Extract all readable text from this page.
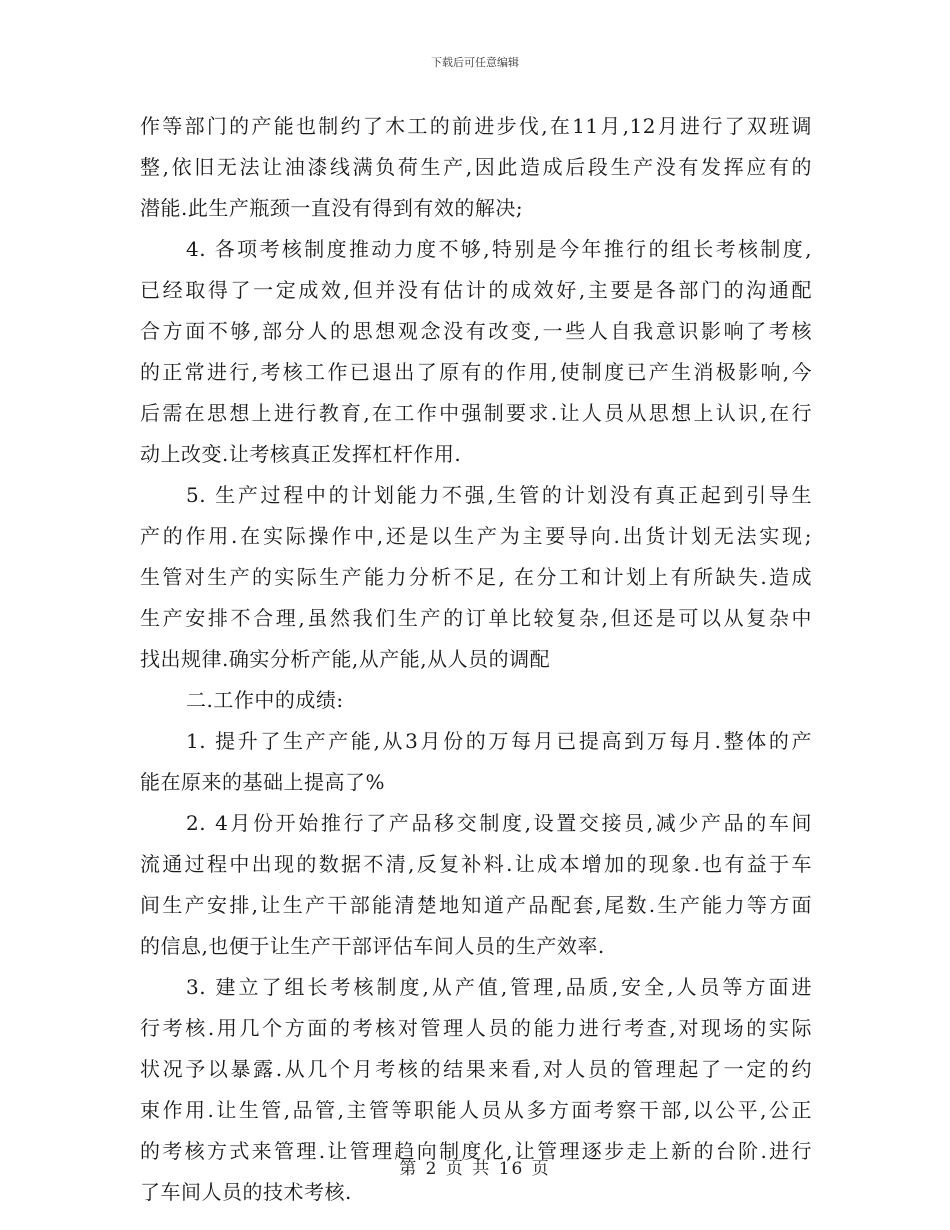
下载后可任意编辑
作等部门的产能也制约了木工的前进步伐,在11月,12月进行了双班调
整,依旧无法让油漆线满负荷生产,因此造成后段生产没有发挥应有的
潜能.此生产瓶颈一直没有得到有效的解决;
4. 各项考核制度推动力度不够,特别是今年推行的组长考核制度,
已经取得了一定成效,但并没有估计的成效好,主要是各部门的沟通配
合方面不够,部分人的思想观念没有改变,一些人自我意识影响了考核
的正常进行,考核工作已退出了原有的作用,使制度已产生消极影响,今
后需在思想上进行教育,在工作中强制要求.让人员从思想上认识,在行
动上改变.让考核真正发挥杠杆作用.
5. 生产过程中的计划能力不强,生管的计划没有真正起到引导生
产的作用.在实际操作中,还是以生产为主要导向.出货计划无法实现;
生管对生产的实际生产能力分析不足, 在分工和计划上有所缺失.造成
生产安排不合理,虽然我们生产的订单比较复杂,但还是可以从复杂中
找出规律.确实分析产能,从产能,从人员的调配
二.工作中的成绩:
1. 提升了生产产能,从3月份的万每月已提高到万每月.整体的产
能在原来的基础上提高了%
2. 4月份开始推行了产品移交制度,设置交接员,减少产品的车间
流通过程中出现的数据不清,反复补料.让成本增加的现象.也有益于车
间生产安排,让生产干部能清楚地知道产品配套,尾数.生产能力等方面
的信息,也便于让生产干部评估车间人员的生产效率.
3. 建立了组长考核制度,从产值,管理,品质,安全,人员等方面进
行考核.用几个方面的考核对管理人员的能力进行考查,对现场的实际
状况予以暴露.从几个月考核的结果来看,对人员的管理起了一定的约
束作用.让生管,品管,主管等职能人员从多方面考察干部,以公平,公正
的考核方式来管理.让管理趋向制度化,让管理逐步走上新的台阶.进行
了车间人员的技术考核.
第 2 页 共 16 页
